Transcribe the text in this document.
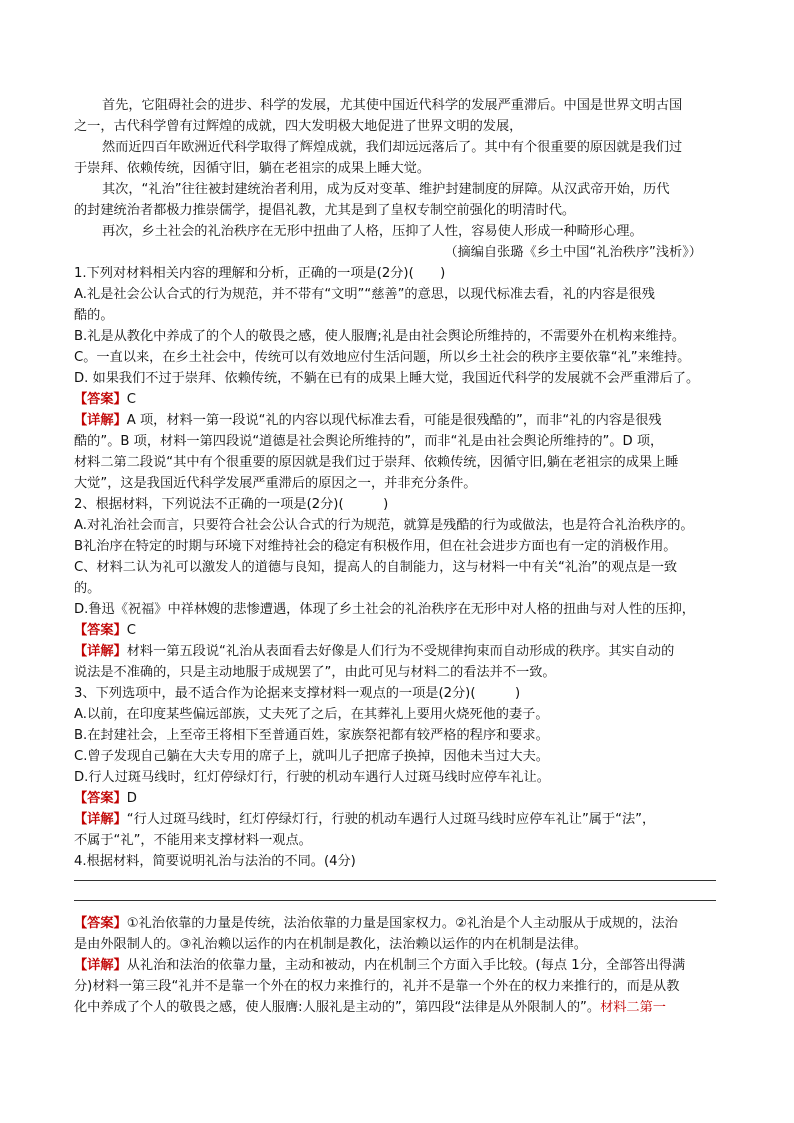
首先，它阻碍社会的进步、科学的发展，尤其使中国近代科学的发展严重滞后。中国是世界文明古国
之一，古代科学曾有过辉煌的成就，四大发明极大地促进了世界文明的发展，
然而近四百年欧洲近代科学取得了辉煌成就，我们却远远落后了。其中有个很重要的原因就是我们过
于崇拜、依赖传统，因循守旧，躺在老祖宗的成果上睡大觉。
其次，“礼治”往往被封建统治者利用，成为反对变革、维护封建制度的屏障。从汉武帝开始，历代
的封建统治者都极力推崇儒学，提倡礼教，尤其是到了皇权专制空前强化的明清时代。
再次，乡土社会的礼治秩序在无形中扭曲了人格，压抑了人性，容易使人形成一种畸形心理。
（摘编自张璐《乡土中国“礼治秩序”浅析》）
1.下列对材料相关内容的理解和分析，正确的一项是(2分)(　　)
A.礼是社会公认合式的行为规范，并不带有“文明”“慈善”的意思，以现代标准去看，礼的内容是很残
酷的。
B.礼是从教化中养成了的个人的敬畏之感，使人服膺;礼是由社会舆论所维持的，不需要外在机构来维持。
C。一直以来，在乡土社会中，传统可以有效地应付生活问题，所以乡土社会的秩序主要依靠“礼”来维持。
D. 如果我们不过于崇拜、依赖传统，不躺在已有的成果上睡大觉，我国近代科学的发展就不会严重滞后了。
【答案】C
【详解】A 项，材料一第一段说“礼的内容以现代标准去看，可能是很残酷的”，而非“礼的内容是很残
酷的”。B 项，材料一第四段说“道德是社会舆论所维持的”，而非“礼是由社会舆论所维持的”。D 项，
材料二第二段说“其中有个很重要的原因就是我们过于崇拜、依赖传统，因循守旧,躺在老祖宗的成果上睡
大觉”，这是我国近代科学发展严重滞后的原因之一，并非充分条件。
2、根据材料，下列说法不正确的一项是(2分)(　　　)
A.对礼治社会而言，只要符合社会公认合式的行为规范，就算是残酷的行为或做法，也是符合礼治秩序的。
B礼治序在特定的时期与环境下对维持社会的稳定有积极作用，但在社会进步方面也有一定的消极作用。
C、材料二认为礼可以激发人的道德与良知，提高人的自制能力，这与材料一中有关“礼治”的观点是一致
的。
D.鲁迅《祝福》中祥林嫂的悲惨遭遇，体现了乡土社会的礼治秩序在无形中对人格的扭曲与对人性的压抑，
【答案】C
【详解】材料一第五段说“礼治从表面看去好像是人们行为不受规律拘束而自动形成的秩序。其实自动的
说法是不准确的，只是主动地服于成规罢了”，由此可见与材料二的看法并不一致。
3、下列选项中，最不适合作为论据来支撑材料一观点的一项是(2分)(　　　)
A.以前，在印度某些偏远部族，丈夫死了之后，在其葬礼上要用火烧死他的妻子。
B.在封建社会，上至帝王将相下至普通百姓，家族祭祀都有较严格的程序和要求。
C.曾子发现自己躺在大夫专用的席子上，就叫儿子把席子换掉，因他未当过大夫。
D.行人过斑马线时，红灯停绿灯行，行驶的机动车遇行人过斑马线时应停车礼让。
【答案】D
【详解】“行人过斑马线时，红灯停绿灯行，行驶的机动车遇行人过斑马线时应停车礼让”属于“法”，
不属于“礼”，不能用来支撑材料一观点。
4.根据材料，简要说明礼治与法治的不同。(4分)
【答案】①礼治依靠的力量是传统，法治依靠的力量是国家权力。②礼治是个人主动服从于成规的，法治
是由外限制人的。③礼治赖以运作的内在机制是教化，法治赖以运作的内在机制是法律。
【详解】从礼治和法治的依靠力量，主动和被动，内在机制三个方面入手比较。(每点 1分，全部答出得满
分)材料一第三段“礼并不是靠一个外在的权力来推行的，礼并不是靠一个外在的权力来推行的，而是从教
化中养成了个人的敬畏之感，使人服膺:人服礼是主动的”，第四段“法律是从外限制人的”。材料二第一
